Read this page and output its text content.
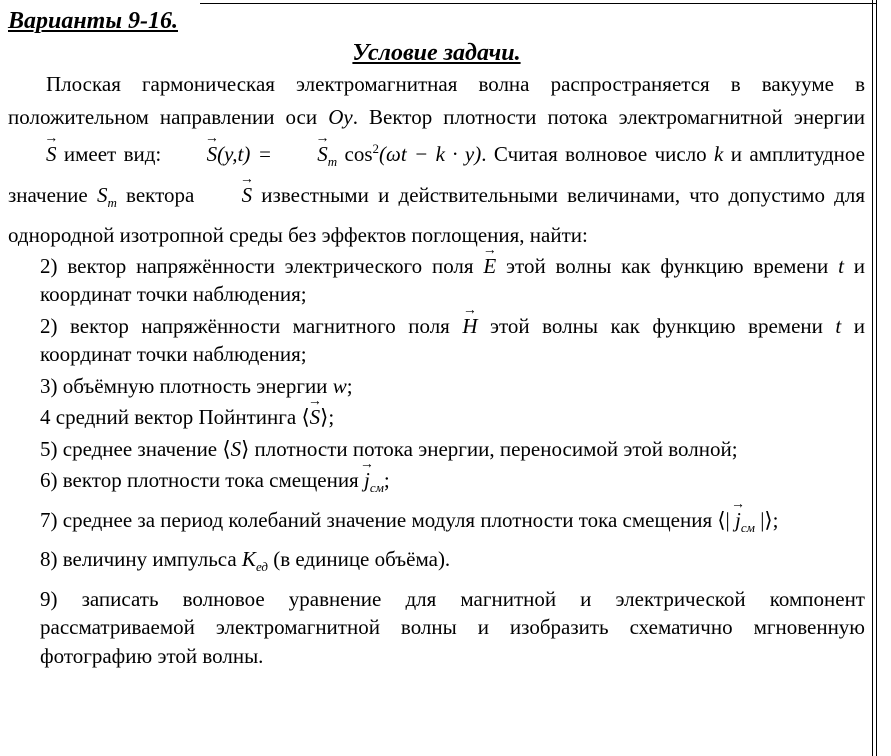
Варианты 9-16.
Условие задачи.

Плоская гармоническая электромагнитная волна распространяется в вакууме в положительном направлении оси Oy. Вектор плотности потока электромагнитной энергии → S имеет вид: → S(y,t) = → $S_m$ $\cos^2(\omega t - k \cdot y)$. Считая волновое число k и амплитудное значение $S_m$ вектора → S известными и действительными величинами, что допустимо для однородной изотропной среды без эффектов поглощения, найти:

2) вектор напряжённости электрического поля → E этой волны как функцию времени t и координат точки наблюдения;

2) вектор напряжённости магнитного поля → H этой волны как функцию времени t и координат точки наблюдения;

3) объёмную плотность энергии w;

4 средний вектор Пойнтинга ⟨→ S⟩;

5) среднее значение ⟨S⟩ плотности потока энергии, переносимой этой волной;

6) вектор плотности тока смещения → $j_{см}$;

7) среднее за период колебаний значение модуля плотности тока смещения ⟨| → $j_{см}$ |⟩;

8) величину импульса $K_{ед}$ (в единице объёма).

9) записать волновое уравнение для магнитной и электрической компонент рассматриваемой электромагнитной волны и изобразить схематично мгновенную фотографию этой волны.
